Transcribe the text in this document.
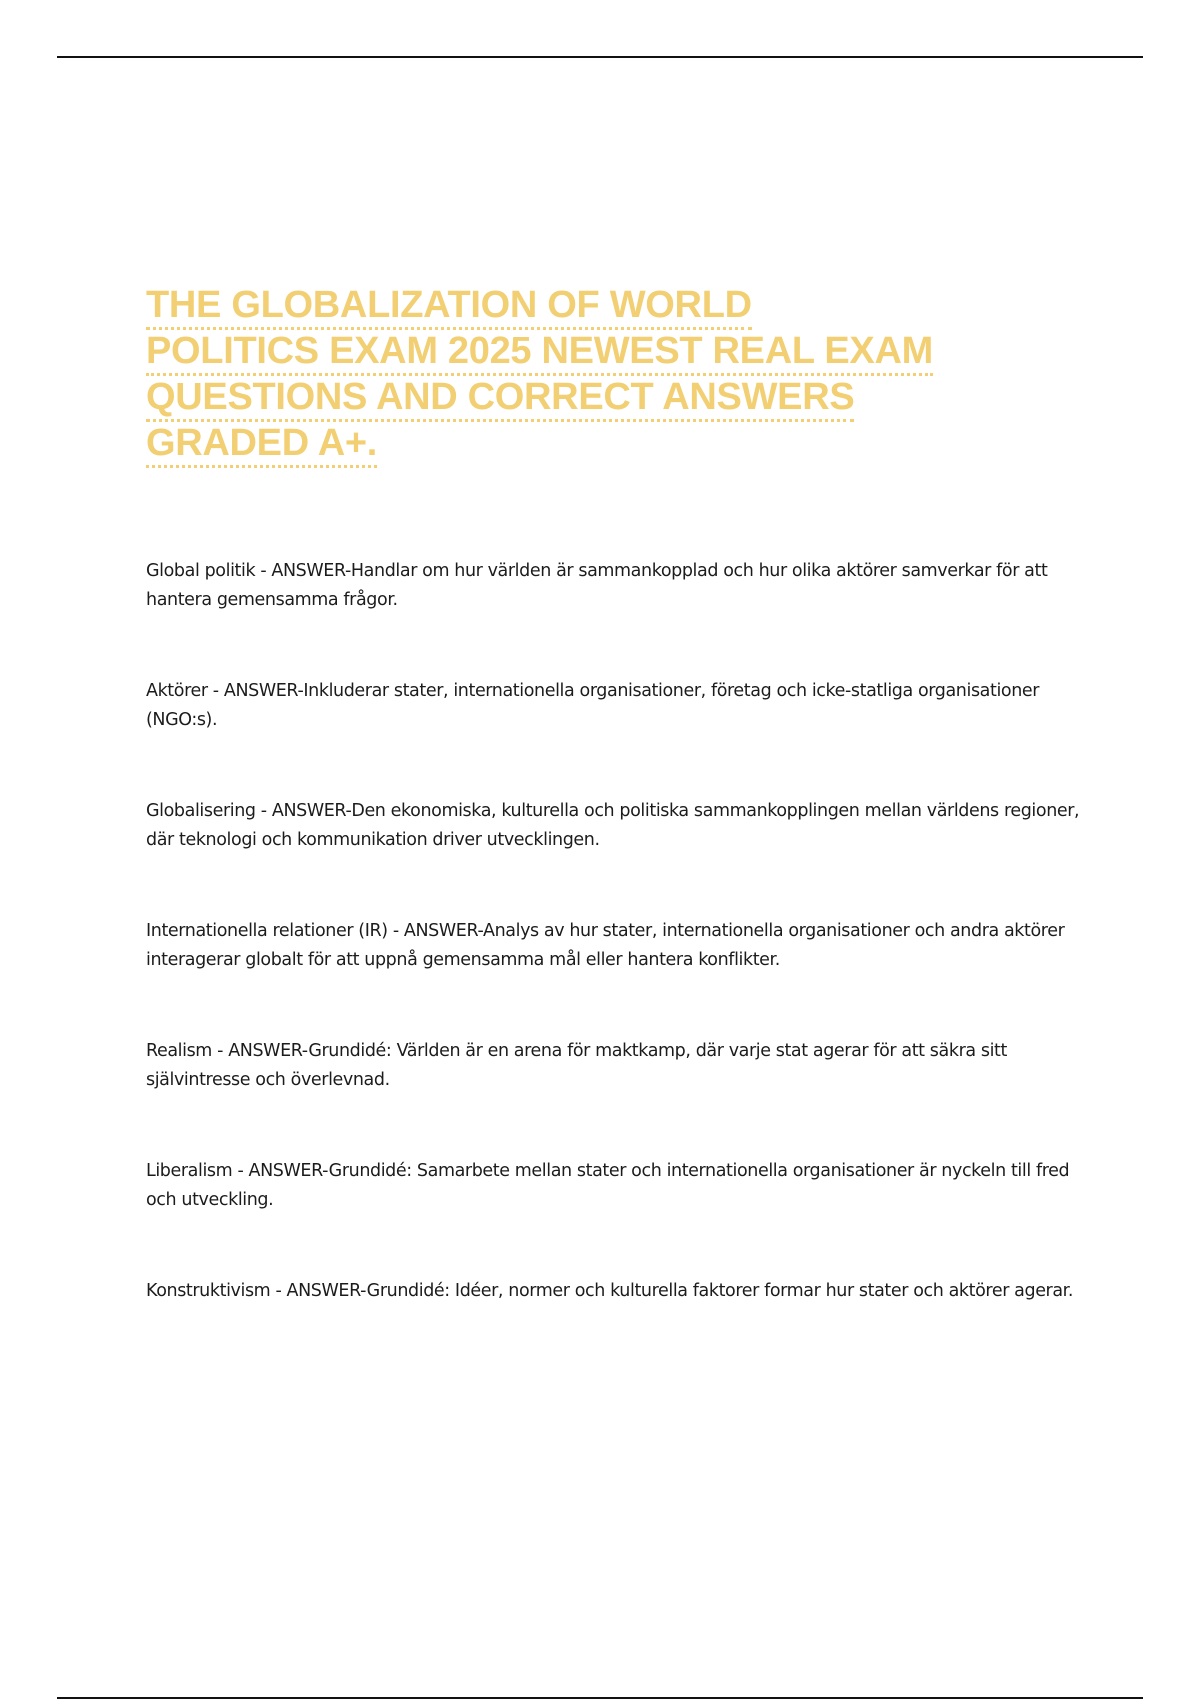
THE GLOBALIZATION OF WORLD
POLITICS EXAM 2025 NEWEST REAL EXAM
QUESTIONS AND CORRECT ANSWERS
GRADED A+.

Global politik - ANSWER-Handlar om hur världen är sammankopplad och hur olika aktörer samverkar för att hantera gemensamma frågor.

Aktörer - ANSWER-Inkluderar stater, internationella organisationer, företag och icke-statliga organisationer (NGO:s).

Globalisering - ANSWER-Den ekonomiska, kulturella och politiska sammankopplingen mellan världens regioner, där teknologi och kommunikation driver utvecklingen.

Internationella relationer (IR) - ANSWER-Analys av hur stater, internationella organisationer och andra aktörer interagerar globalt för att uppnå gemensamma mål eller hantera konflikter.

Realism - ANSWER-Grundidé: Världen är en arena för maktkamp, där varje stat agerar för att säkra sitt självintresse och överlevnad.

Liberalism - ANSWER-Grundidé: Samarbete mellan stater och internationella organisationer är nyckeln till fred och utveckling.

Konstruktivism - ANSWER-Grundidé: Idéer, normer och kulturella faktorer formar hur stater och aktörer agerar.
